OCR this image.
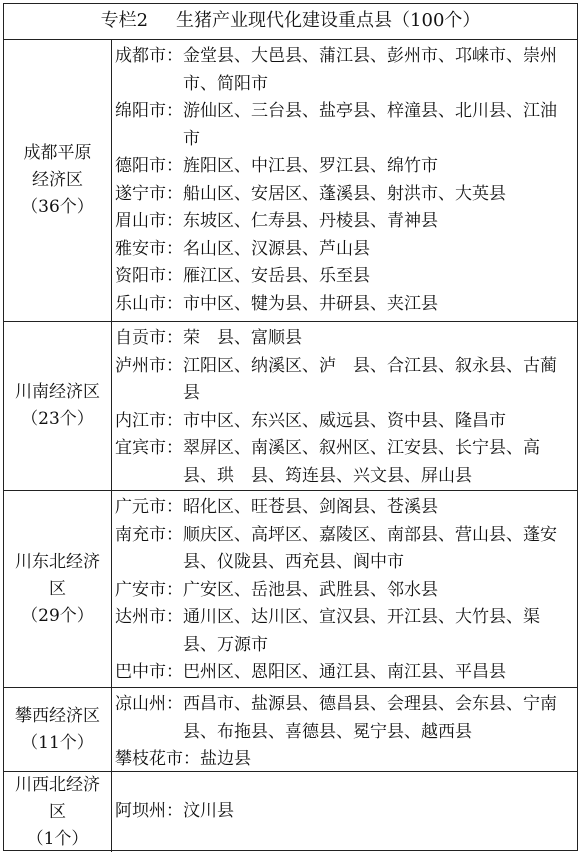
专栏2 生猪产业现代化建设重点县（100个）
成都平原
经济区
（36个）
成都市： 金堂县、大邑县、蒲江县、彭州市、邛崃市、崇州市、简阳市
绵阳市： 游仙区、三台县、盐亭县、梓潼县、北川县、江油市
德阳市： 旌阳区、中江县、罗江县、绵竹市
遂宁市： 船山区、安居区、蓬溪县、射洪市、大英县
眉山市： 东坡区、仁寿县、丹棱县、青神县
雅安市： 名山区、汉源县、芦山县
资阳市： 雁江区、安岳县、乐至县
乐山市： 市中区、犍为县、井研县、夹江县
川南经济区
（23个）
自贡市： 荣　县、富顺县
泸州市： 江阳区、纳溪区、泸　县、合江县、叙永县、古蔺县
内江市： 市中区、东兴区、威远县、资中县、隆昌市
宜宾市： 翠屏区、南溪区、叙州区、江安县、长宁县、高　县、珙　县、筠连县、兴文县、屏山县
川东北经济
区
（29个）
广元市： 昭化区、旺苍县、剑阁县、苍溪县
南充市： 顺庆区、高坪区、嘉陵区、南部县、营山县、蓬安县、仪陇县、西充县、阆中市
广安市： 广安区、岳池县、武胜县、邻水县
达州市： 通川区、达川区、宣汉县、开江县、大竹县、渠　县、万源市
巴中市： 巴州区、恩阳区、通江县、南江县、平昌县
攀西经济区
（11个）
凉山州： 西昌市、盐源县、德昌县、会理县、会东县、宁南县、布拖县、喜德县、冕宁县、越西县
攀枝花市： 盐边县
川西北经济
区
（1个）
阿坝州： 汶川县
